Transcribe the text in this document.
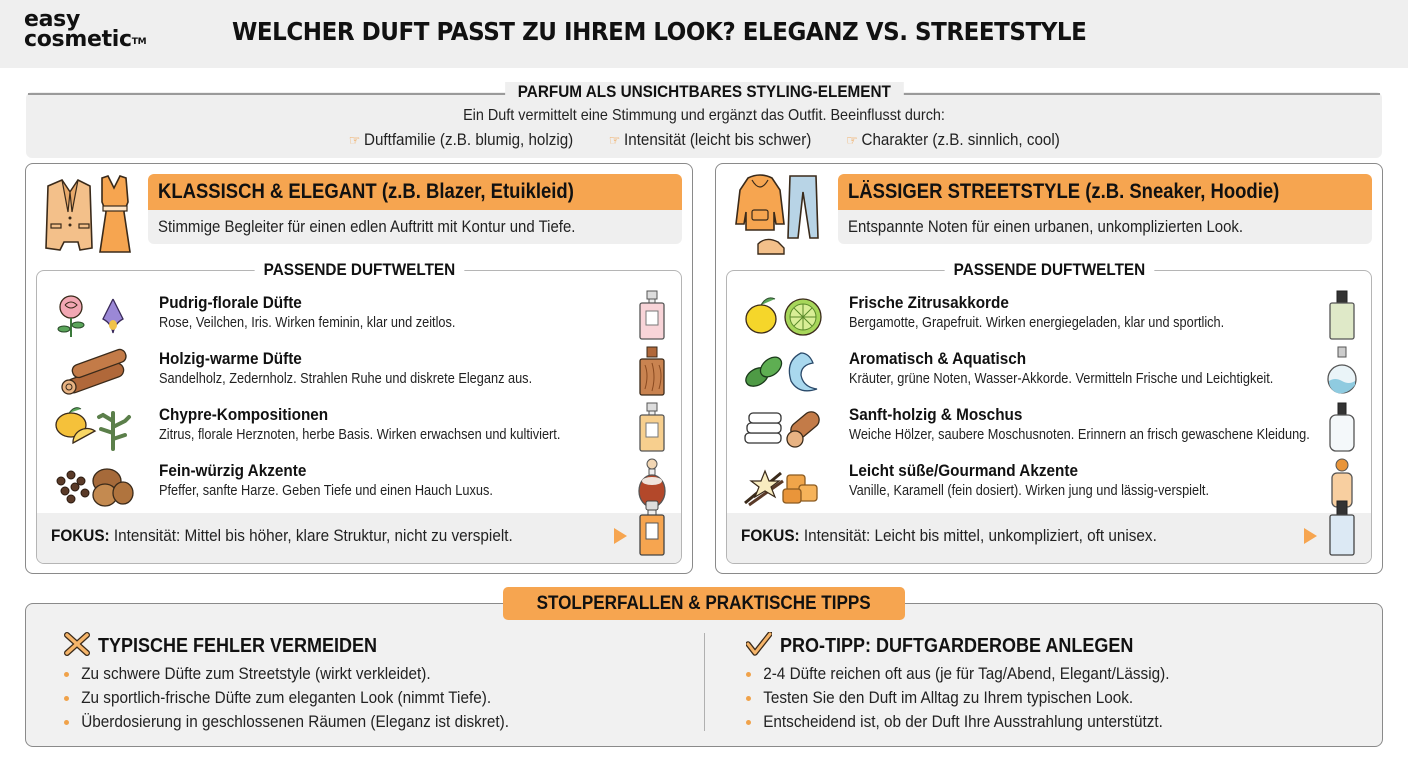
easy
cosmetic™	WELCHER DUFT PASST ZU IHREM LOOK? ELEGANZ VS. STREETSTYLE
PARFUM ALS UNSICHTBARES STYLING-ELEMENT
Ein Duft vermittelt eine Stimmung und ergänzt das Outfit. Beeinflusst durch:
☞ Duftfamilie (z.B. blumig, holzig)	☞ Intensität (leicht bis schwer) ☞ Charakter (z.B. sinnlich, cool)
KLASSISCH & ELEGANT (z.B. Blazer, Etuikleid)
Stimmige Begleiter für einen edlen Auftritt mit Kontur und Tiefe.
PASSENDE DUFTWELTEN
Pudrig-florale Düfte
Rose, Veilchen, Iris. Wirken feminin, klar und zeitlos.
Holzig-warme Düfte
Sandelholz, Zedernholz. Strahlen Ruhe und diskrete Eleganz aus.
Chypre-Kompositionen
Zitrus, florale Herznoten, herbe Basis. Wirken erwachsen und kultiviert.
Fein-würzig Akzente
Pfeffer, sanfte Harze. Geben Tiefe und einen Hauch Luxus.
FOKUS: Intensität: Mittel bis höher, klare Struktur, nicht zu verspielt.
LÄSSIGER STREETSTYLE (z.B. Sneaker, Hoodie)
Entspannte Noten für einen urbanen, unkomplizierten Look.
PASSENDE DUFTWELTEN
Frische Zitrusakkorde
Bergamotte, Grapefruit. Wirken energiegeladen, klar und sportlich.
Aromatisch & Aquatisch
Kräuter, grüne Noten, Wasser-Akkorde. Vermitteln Frische und Leichtigkeit.
Sanft-holzig & Moschus
Weiche Hölzer, saubere Moschusnoten. Erinnern an frisch gewaschene Kleidung.
Leicht süße/Gourmand Akzente
Vanille, Karamell (fein dosiert). Wirken jung und lässig-verspielt.
FOKUS: Intensität: Leicht bis mittel, unkompliziert, oft unisex.
STOLPERFALLEN & PRAKTISCHE TIPPS
TYPISCHE FEHLER VERMEIDEN
Zu schwere Düfte zum Streetstyle (wirkt verkleidet).
Zu sportlich-frische Düfte zum eleganten Look (nimmt Tiefe).
Überdosierung in geschlossenen Räumen (Eleganz ist diskret).
PRO-TIPP: DUFTGARDEROBE ANLEGEN
2-4 Düfte reichen oft aus (je für Tag/Abend, Elegant/Lässig).
Testen Sie den Duft im Alltag zu Ihrem typischen Look.
Entscheidend ist, ob der Duft Ihre Ausstrahlung unterstützt.
